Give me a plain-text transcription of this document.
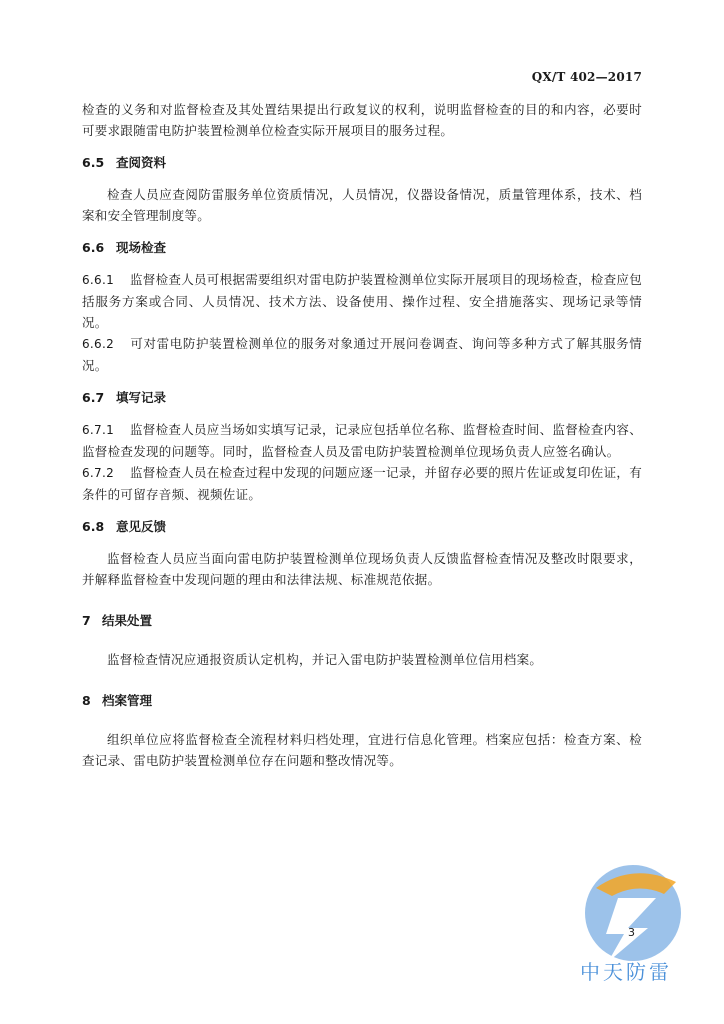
QX/T 402—2017

检查的义务和对监督检查及其处置结果提出行政复议的权利，说明监督检查的目的和内容，必要时可要求跟随雷电防护装置检测单位检查实际开展项目的服务过程。

6.5 查阅资料

检查人员应查阅防雷服务单位资质情况，人员情况，仪器设备情况，质量管理体系，技术、档案和安全管理制度等。

6.6 现场检查

6.6.1 监督检查人员可根据需要组织对雷电防护装置检测单位实际开展项目的现场检查，检查应包括服务方案或合同、人员情况、技术方法、设备使用、操作过程、安全措施落实、现场记录等情况。

6.6.2 可对雷电防护装置检测单位的服务对象通过开展问卷调查、询问等多种方式了解其服务情况。

6.7 填写记录

6.7.1 监督检查人员应当场如实填写记录，记录应包括单位名称、监督检查时间、监督检查内容、监督检查发现的问题等。同时，监督检查人员及雷电防护装置检测单位现场负责人应签名确认。

6.7.2 监督检查人员在检查过程中发现的问题应逐一记录，并留存必要的照片佐证或复印佐证，有条件的可留存音频、视频佐证。

6.8 意见反馈

监督检查人员应当面向雷电防护装置检测单位现场负责人反馈监督检查情况及整改时限要求，并解释监督检查中发现问题的理由和法律法规、标准规范依据。

7 结果处置

监督检查情况应通报资质认定机构，并记入雷电防护装置检测单位信用档案。

8 档案管理

组织单位应将监督检查全流程材料归档处理，宜进行信息化管理。档案应包括：检查方案、检查记录、雷电防护装置检测单位存在问题和整改情况等。

3
中天防雷
